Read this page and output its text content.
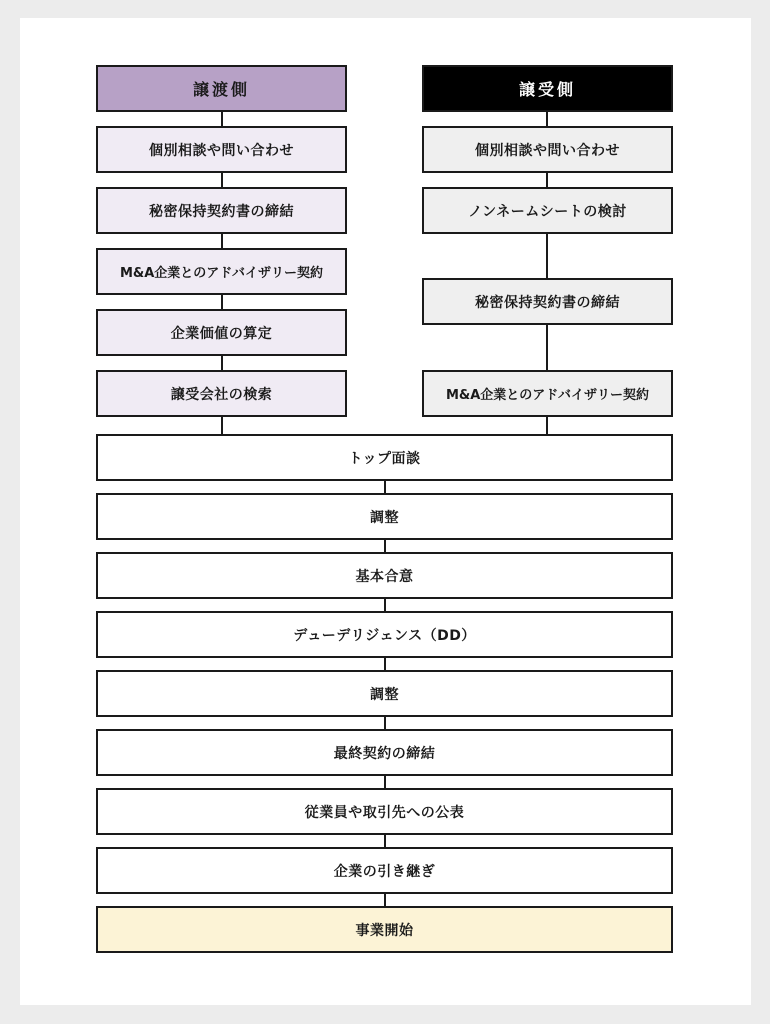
譲渡側
個別相談や問い合わせ
秘密保持契約書の締結
M&A企業とのアドバイザリー契約
企業価値の算定
譲受会社の検索
譲受側
個別相談や問い合わせ
ノンネームシートの検討
秘密保持契約書の締結
M&A企業とのアドバイザリー契約
トップ面談
調整
基本合意
デューデリジェンス（DD）
調整
最終契約の締結
従業員や取引先への公表
企業の引き継ぎ
事業開始
